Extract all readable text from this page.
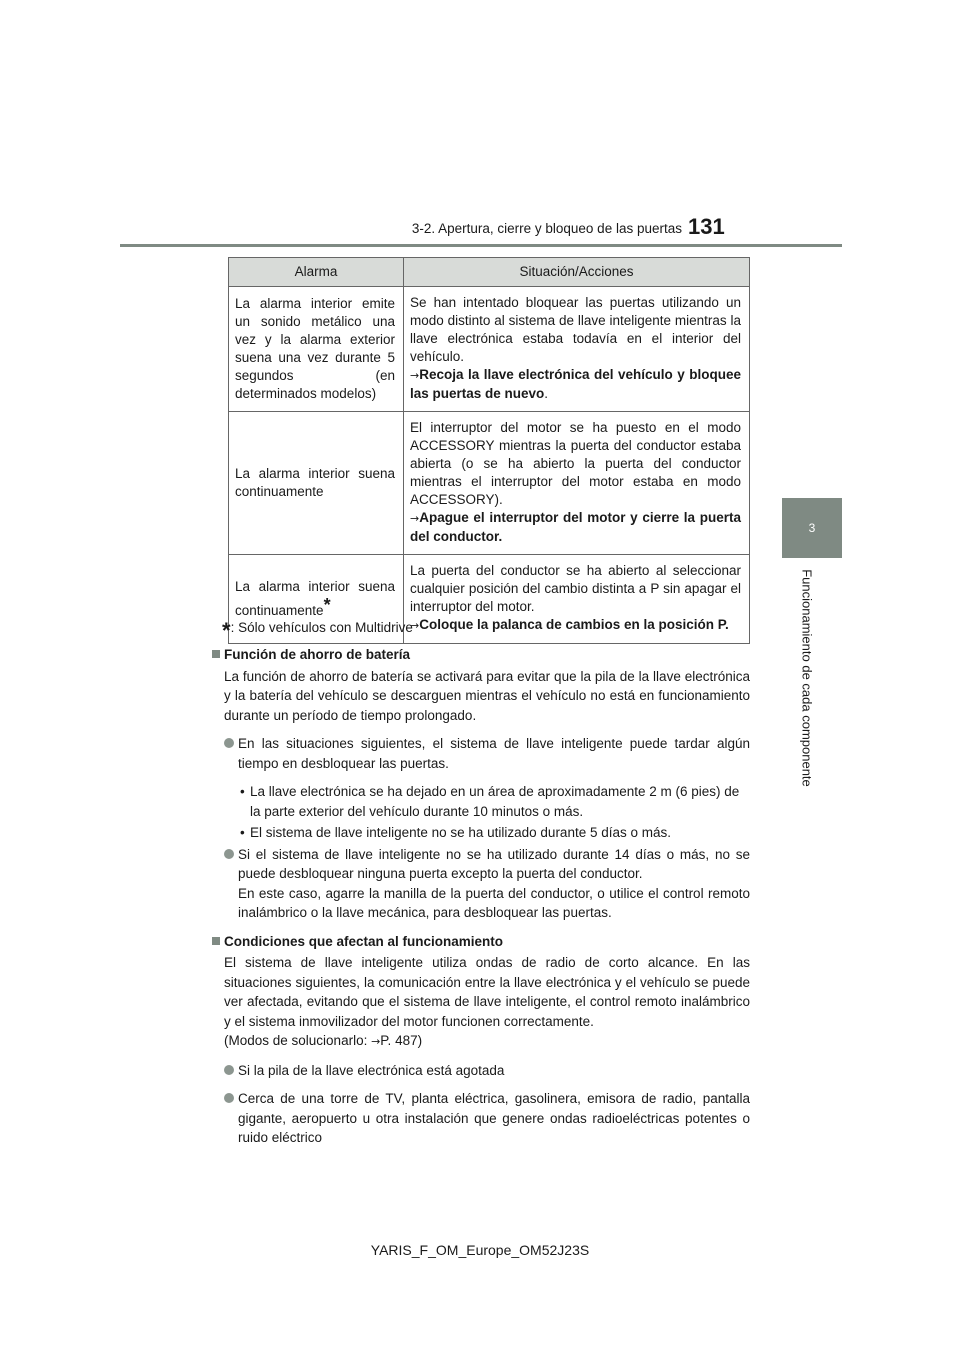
3-2. Apertura, cierre y bloqueo de las puertas 131
3
Funcionamiento de cada componente
Alarma	Situación/Acciones

La alarma interior emite un sonido metálico una vez y la alarma exterior suena una vez durante 5 segundos (en determinados modelos)	Se han intentado bloquear las puertas utilizando un modo distinto al sistema de llave inteligente mientras la llave electrónica estaba todavía en el interior del vehículo.
→Recoja la llave electrónica del vehículo y bloquee las puertas de nuevo.

La alarma interior suena continuamente	El interruptor del motor se ha puesto en el modo ACCESSORY mientras la puerta del conductor estaba abierta (o se ha abierto la puerta del conductor mientras el interruptor del motor estaba en modo ACCESSORY).
→Apague el interruptor del motor y cierre la puerta del conductor.
La alarma interior suena continuamente*	La puerta del conductor se ha abierto al seleccionar cualquier posición del cambio distinta a P sin apagar el interruptor del motor.
→Coloque la palanca de cambios en la posición P.
*: Sólo vehículos con Multidrive
Función de ahorro de batería
La función de ahorro de batería se activará para evitar que la pila de la llave electrónica y la batería del vehículo se descarguen mientras el vehículo no está en funcionamiento durante un período de tiempo prolongado.
En las situaciones siguientes, el sistema de llave inteligente puede tardar algún tiempo en desbloquear las puertas.
• La llave electrónica se ha dejado en un área de aproximadamente 2 m (6 pies) de la parte exterior del vehículo durante 10 minutos o más.
• El sistema de llave inteligente no se ha utilizado durante 5 días o más.
Si el sistema de llave inteligente no se ha utilizado durante 14 días o más, no se puede desbloquear ninguna puerta excepto la puerta del conductor.
En este caso, agarre la manilla de la puerta del conductor, o utilice el control remoto inalámbrico o la llave mecánica, para desbloquear las puertas.
Condiciones que afectan al funcionamiento
El sistema de llave inteligente utiliza ondas de radio de corto alcance. En las situaciones siguientes, la comunicación entre la llave electrónica y el vehículo se puede ver afectada, evitando que el sistema de llave inteligente, el control remoto inalámbrico y el sistema inmovilizador del motor funcionen correctamente.
(Modos de solucionarlo: →P. 487)
Si la pila de la llave electrónica está agotada
Cerca de una torre de TV, planta eléctrica, gasolinera, emisora de radio, pantalla gigante, aeropuerto u otra instalación que genere ondas radioeléctricas potentes o ruido eléctrico
YARIS_F_OM_Europe_OM52J23S
